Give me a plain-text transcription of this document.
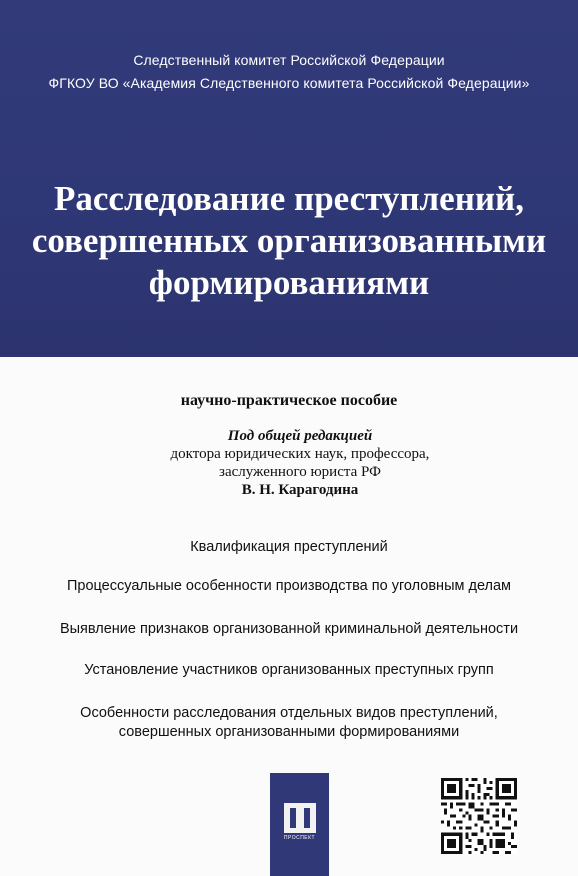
Следственный комитет Российской Федерации
ФГКОУ ВО «Академия Следственного комитета Российской Федерации»
Расследование преступлений,
совершенных организованными
формированиями
научно-практическое пособие
Под общей редакцией
доктора юридических наук, профессора,
заслуженного юриста РФ
В. Н. Карагодина
Квалификация преступлений
Процессуальные особенности производства по уголовным делам
Выявление признаков организованной криминальной деятельности
Установление участников организованных преступных групп
Особенности расследования отдельных видов преступлений,
совершенных организованными формированиями
ПРОСПЕКТ
